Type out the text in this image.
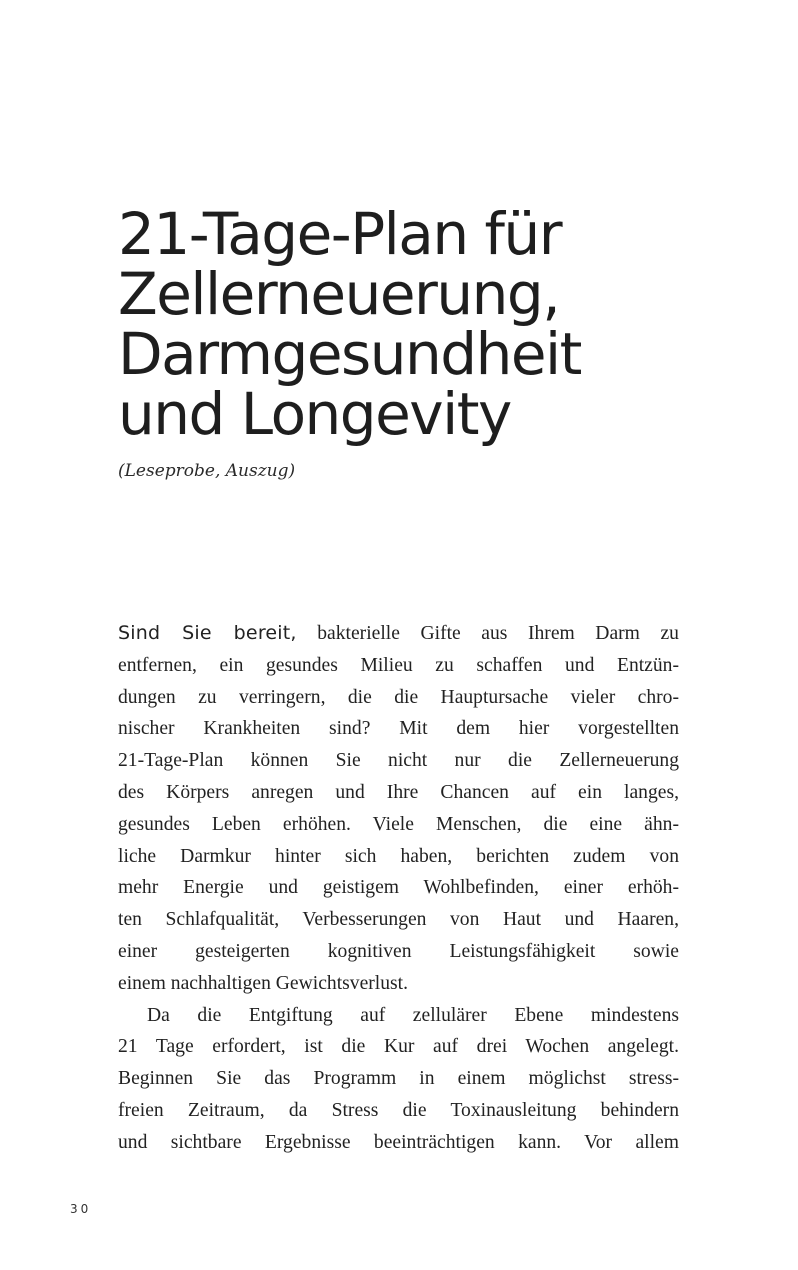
21-Tage-Plan für
Zellerneuerung,
Darmgesundheit
und Longevity
(Leseprobe, Auszug)
Sind Sie bereit, bakterielle Gifte aus Ihrem Darm zu
entfernen, ein gesundes Milieu zu schaffen und Entzün-
dungen zu verringern, die die Hauptursache vieler chro-
nischer Krankheiten sind? Mit dem hier vorgestellten
21-Tage-Plan können Sie nicht nur die Zellerneuerung
des Körpers anregen und Ihre Chancen auf ein langes,
gesundes Leben erhöhen. Viele Menschen, die eine ähn-
liche Darmkur hinter sich haben, berichten zudem von
mehr Energie und geistigem Wohlbefinden, einer erhöh-
ten Schlafqualität, Verbesserungen von Haut und Haaren,
einer gesteigerten kognitiven Leistungsfähigkeit sowie
einem nachhaltigen Gewichtsverlust.
Da die Entgiftung auf zellulärer Ebene mindestens
21 Tage erfordert, ist die Kur auf drei Wochen angelegt.
Beginnen Sie das Programm in einem möglichst stress-
freien Zeitraum, da Stress die Toxinausleitung behindern
und sichtbare Ergebnisse beeinträchtigen kann. Vor allem
30
